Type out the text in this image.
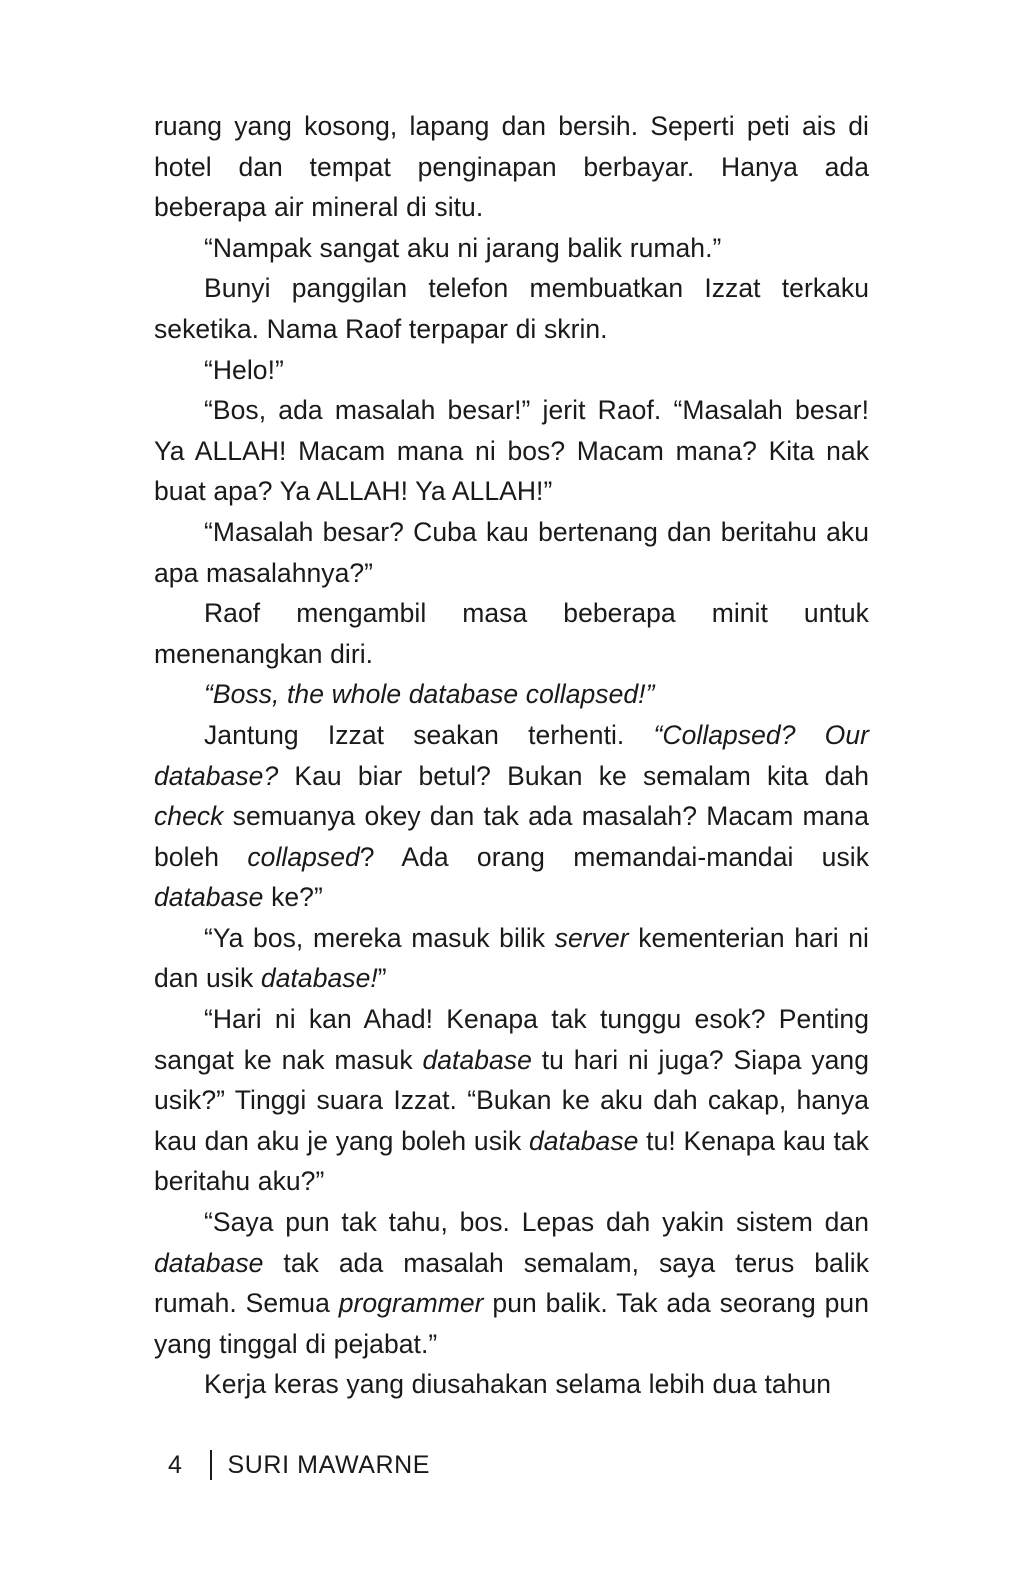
ruang yang kosong, lapang dan bersih. Seperti peti ais di hotel dan tempat penginapan berbayar. Hanya ada beberapa air mineral di situ.

“Nampak sangat aku ni jarang balik rumah.”

Bunyi panggilan telefon membuatkan Izzat terkaku seketika. Nama Raof terpapar di skrin.

“Helo!”

“Bos, ada masalah besar!” jerit Raof. “Masalah besar! Ya ALLAH! Macam mana ni bos? Macam mana? Kita nak buat apa? Ya ALLAH! Ya ALLAH!”

“Masalah besar? Cuba kau bertenang dan beritahu aku apa masalahnya?”

Raof mengambil masa beberapa minit untuk menenangkan diri.

“Boss, the whole database collapsed!”

Jantung Izzat seakan terhenti. “Collapsed? Our database? Kau biar betul? Bukan ke semalam kita dah check semuanya okey dan tak ada masalah? Macam mana boleh collapsed? Ada orang memandai-mandai usik database ke?”

“Ya bos, mereka masuk bilik server kementerian hari ni dan usik database!”

“Hari ni kan Ahad! Kenapa tak tunggu esok? Penting sangat ke nak masuk database tu hari ni juga? Siapa yang usik?” Tinggi suara Izzat. “Bukan ke aku dah cakap, hanya kau dan aku je yang boleh usik database tu! Kenapa kau tak beritahu aku?”

“Saya pun tak tahu, bos. Lepas dah yakin sistem dan database tak ada masalah semalam, saya terus balik rumah. Semua programmer pun balik. Tak ada seorang pun yang tinggal di pejabat.”

Kerja keras yang diusahakan selama lebih dua tahun

4 SURI MAWARNE
